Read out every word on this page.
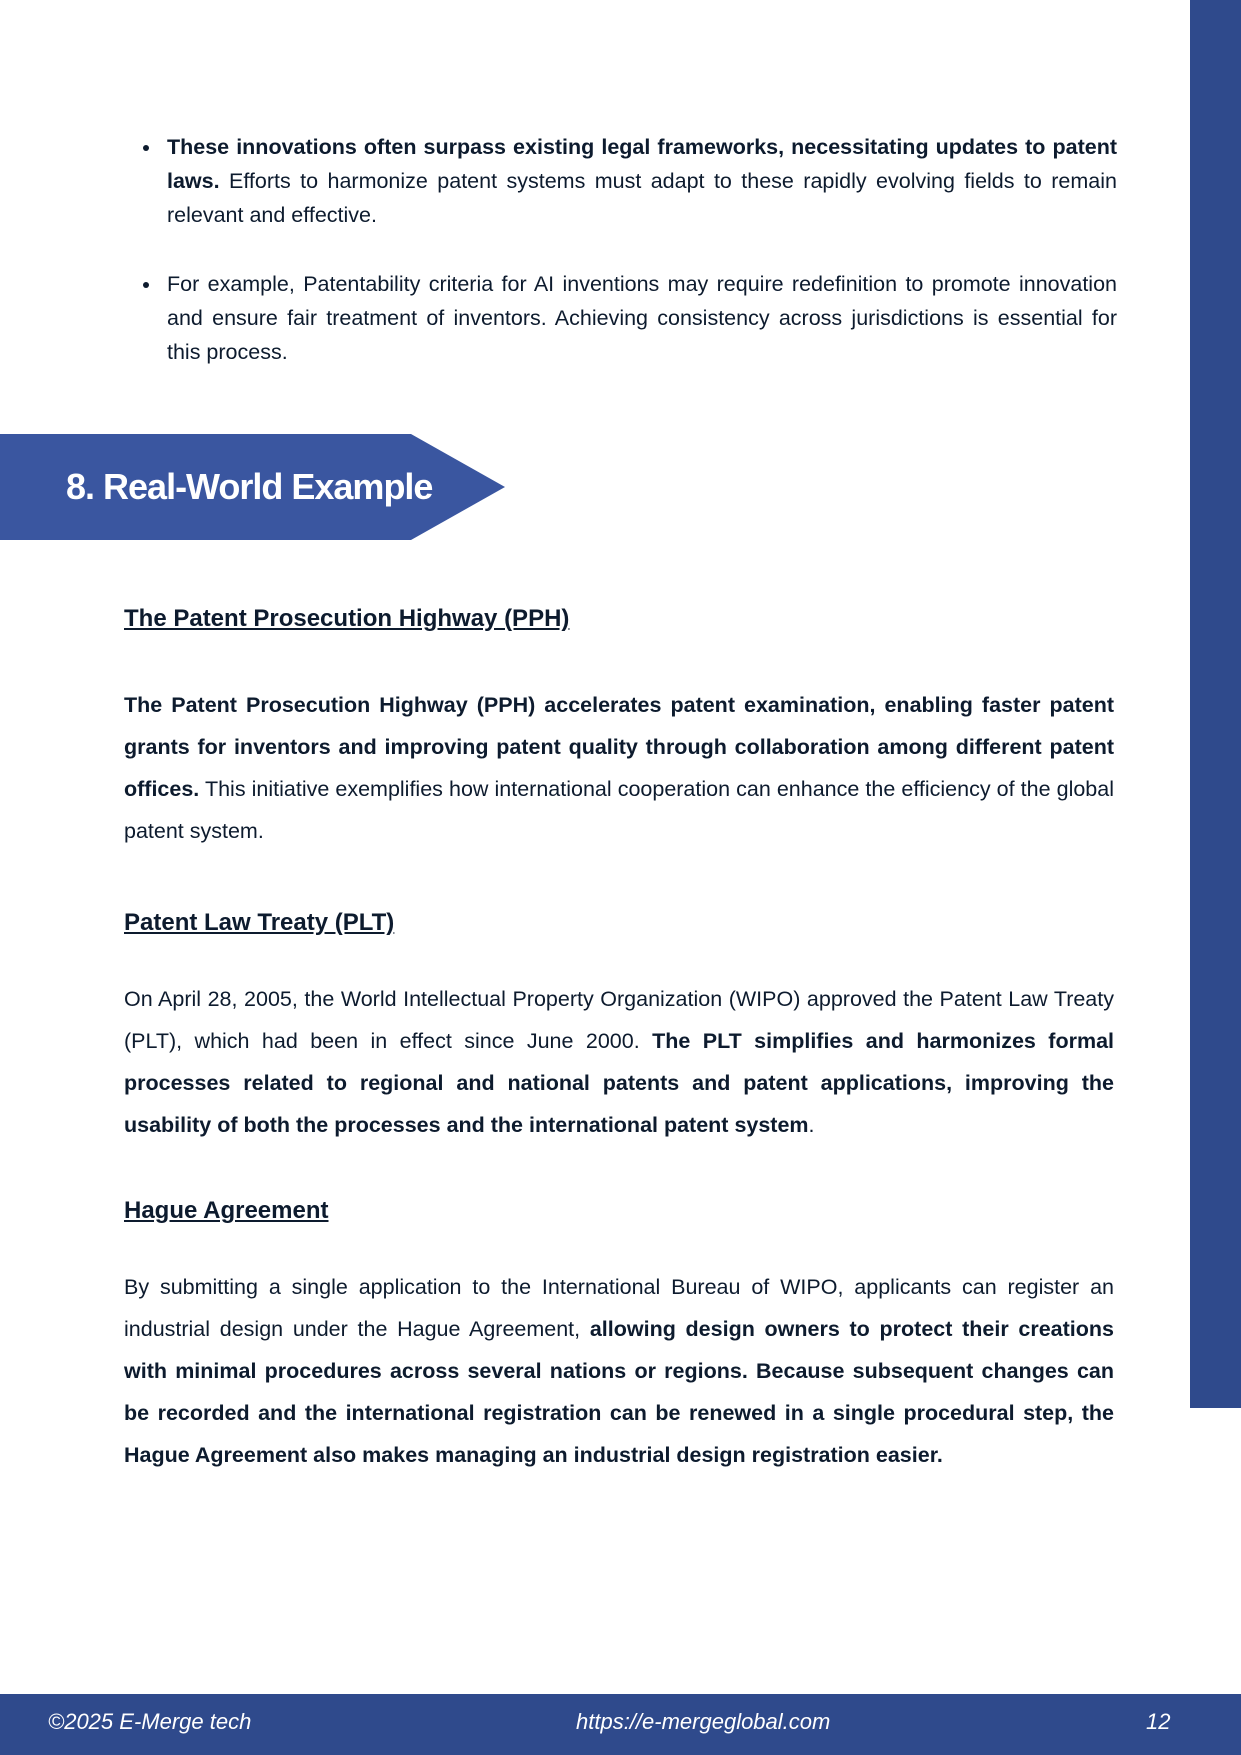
These innovations often surpass existing legal frameworks, necessitating updates to patent laws. Efforts to harmonize patent systems must adapt to these rapidly evolving fields to remain relevant and effective.
For example, Patentability criteria for AI inventions may require redefinition to promote innovation and ensure fair treatment of inventors. Achieving consistency across jurisdictions is essential for this process.
8. Real-World Example
The Patent Prosecution Highway (PPH)

The Patent Prosecution Highway (PPH) accelerates patent examination, enabling faster patent grants for inventors and improving patent quality through collaboration among different patent offices. This initiative exemplifies how international cooperation can enhance the efficiency of the global patent system.

Patent Law Treaty (PLT)

On April 28, 2005, the World Intellectual Property Organization (WIPO) approved the Patent Law Treaty (PLT), which had been in effect since June 2000. The PLT simplifies and harmonizes formal processes related to regional and national patents and patent applications, improving the usability of both the processes and the international patent system.

Hague Agreement

By submitting a single application to the International Bureau of WIPO, applicants can register an industrial design under the Hague Agreement, allowing design owners to protect their creations with minimal procedures across several nations or regions. Because subsequent changes can be recorded and the international registration can be renewed in a single procedural step, the Hague Agreement also makes managing an industrial design registration easier.

©2025 E-Merge tech	https://e-mergeglobal.com	12
